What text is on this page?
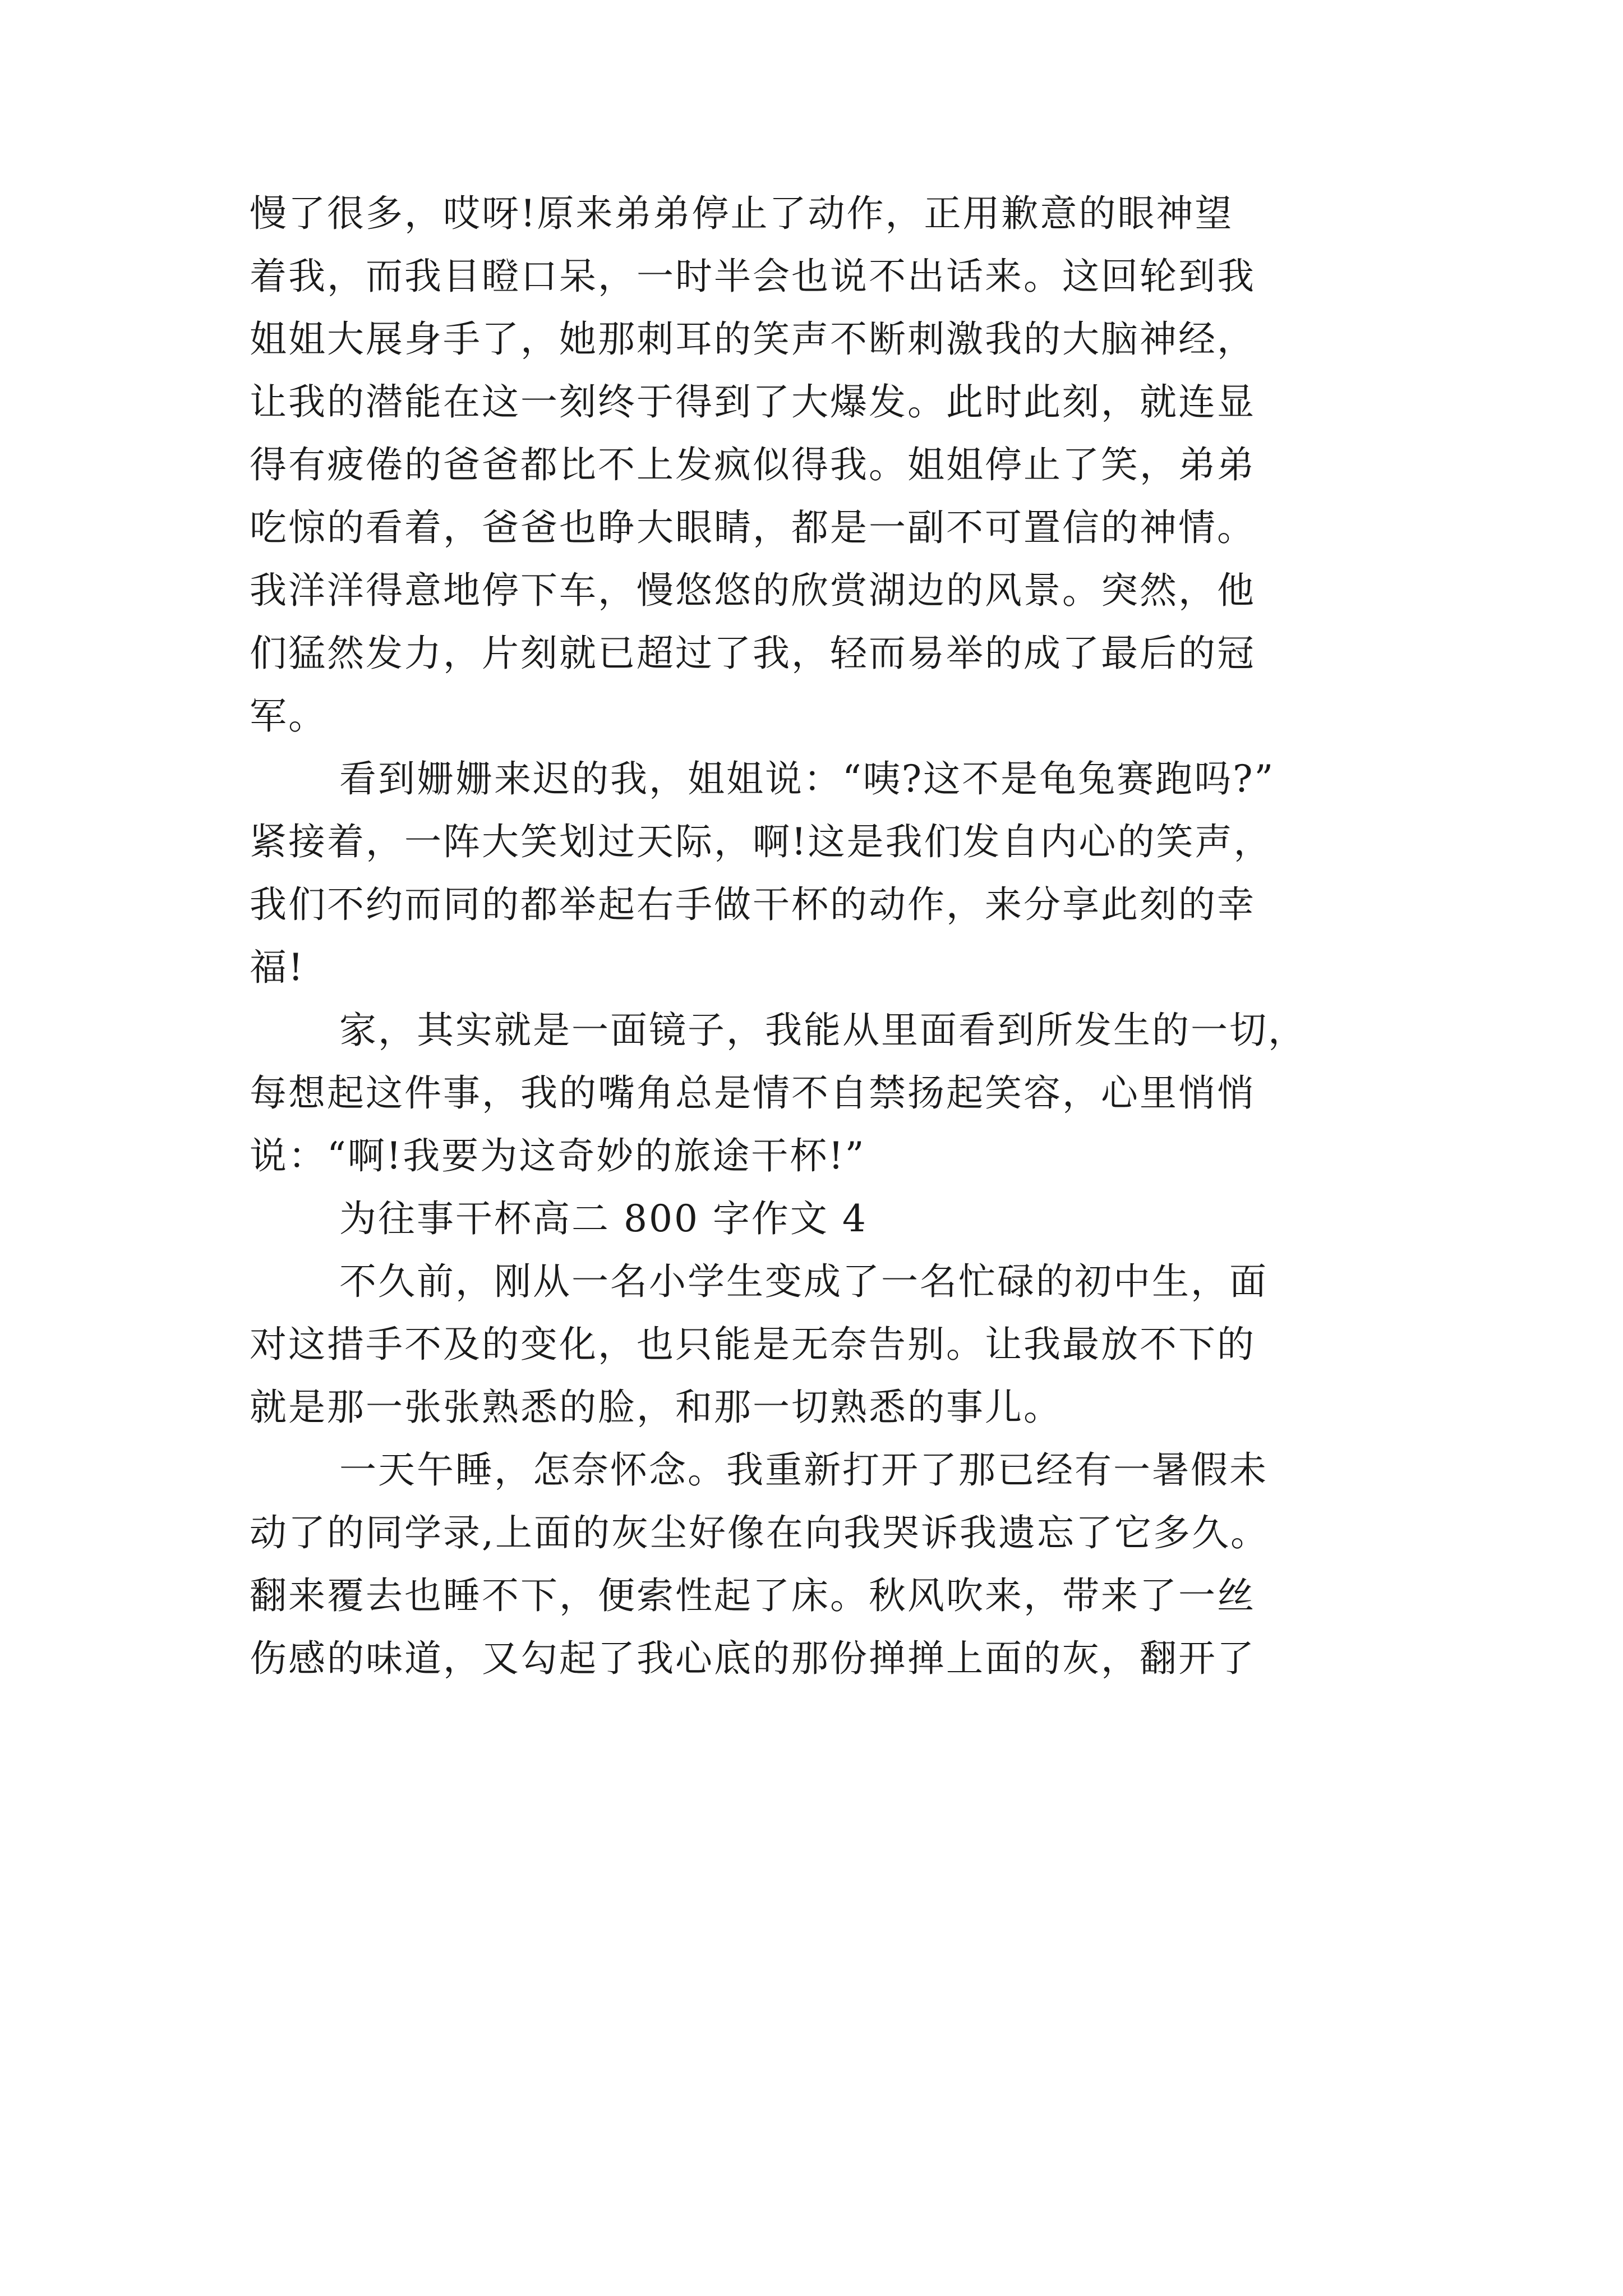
慢了很多，哎呀!原来弟弟停止了动作，正用歉意的眼神望
着我，而我目瞪口呆，一时半会也说不出话来。这回轮到我
姐姐大展身手了，她那刺耳的笑声不断刺激我的大脑神经，
让我的潜能在这一刻终于得到了大爆发。此时此刻，就连显
得有疲倦的爸爸都比不上发疯似得我。姐姐停止了笑，弟弟
吃惊的看着，爸爸也睁大眼睛，都是一副不可置信的神情。
我洋洋得意地停下车，慢悠悠的欣赏湖边的风景。突然，他
们猛然发力，片刻就已超过了我，轻而易举的成了最后的冠
军。
看到姗姗来迟的我，姐姐说：“咦?这不是龟兔赛跑吗?”
紧接着，一阵大笑划过天际，啊!这是我们发自内心的笑声，
我们不约而同的都举起右手做干杯的动作，来分享此刻的幸
福!
家，其实就是一面镜子，我能从里面看到所发生的一切，
每想起这件事，我的嘴角总是情不自禁扬起笑容，心里悄悄
说：“啊!我要为这奇妙的旅途干杯!”
为往事干杯高二 800 字作文 4
不久前，刚从一名小学生变成了一名忙碌的初中生，面
对这措手不及的变化，也只能是无奈告别。让我最放不下的
就是那一张张熟悉的脸，和那一切熟悉的事儿。
一天午睡，怎奈怀念。我重新打开了那已经有一暑假未
动了的同学录,上面的灰尘好像在向我哭诉我遗忘了它多久。
翻来覆去也睡不下，便索性起了床。秋风吹来，带来了一丝
伤感的味道，又勾起了我心底的那份掸掸上面的灰，翻开了
